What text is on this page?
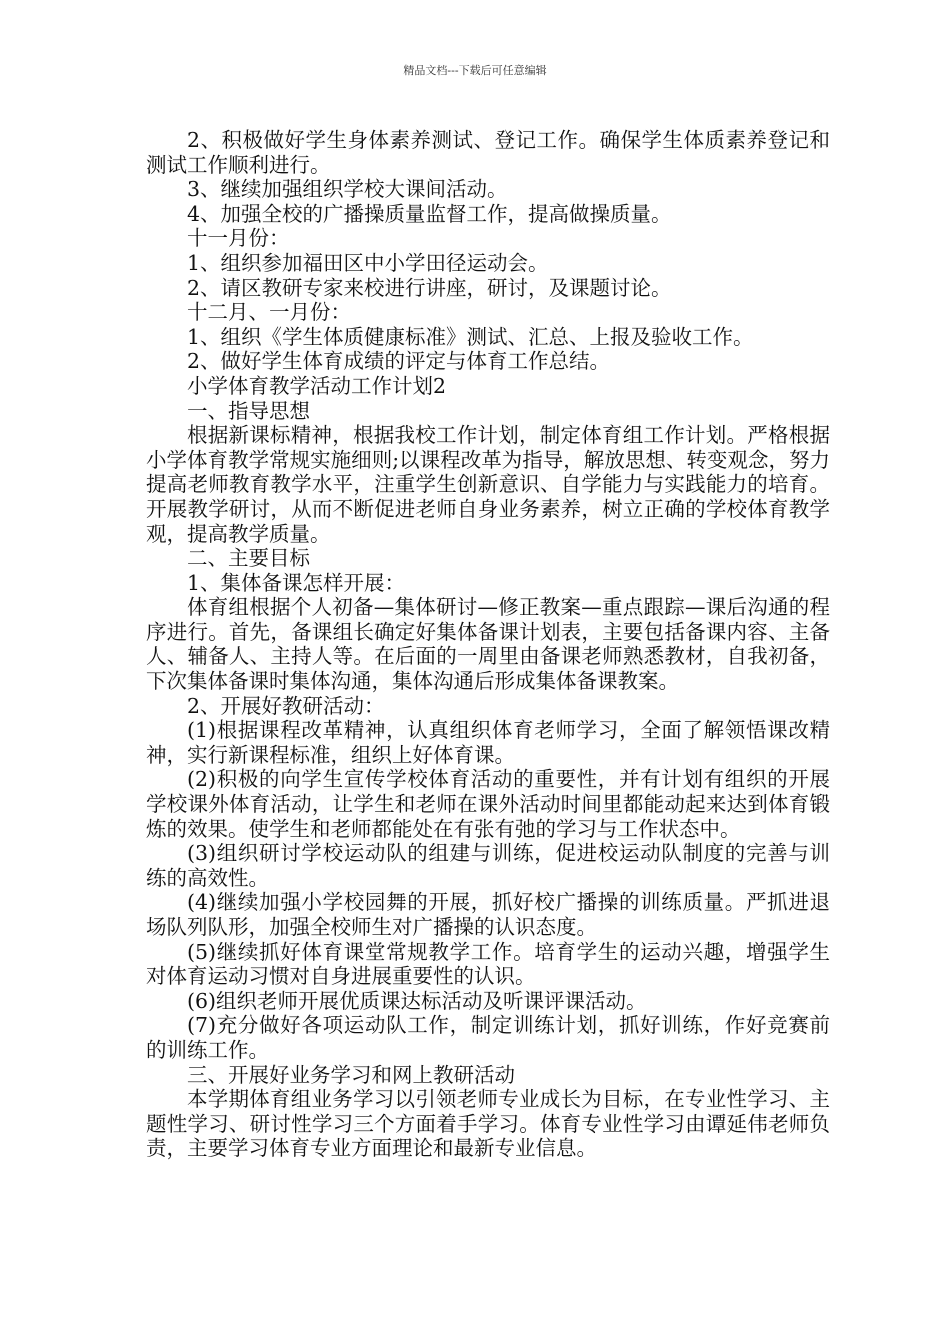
精品文档---下载后可任意编辑

2、积极做好学生身体素养测试、登记工作。确保学生体质素养登记和测试工作顺利进行。

3、继续加强组织学校大课间活动。

4、加强全校的广播操质量监督工作，提高做操质量。

十一月份：

1、组织参加福田区中小学田径运动会。

2、请区教研专家来校进行讲座，研讨，及课题讨论。

十二月、一月份：

1、组织《学生体质健康标准》测试、汇总、上报及验收工作。

2、做好学生体育成绩的评定与体育工作总结。

小学体育教学活动工作计划2

一、指导思想

根据新课标精神，根据我校工作计划，制定体育组工作计划。严格根据小学体育教学常规实施细则;以课程改革为指导，解放思想、转变观念，努力提高老师教育教学水平，注重学生创新意识、自学能力与实践能力的培育。开展教学研讨，从而不断促进老师自身业务素养，树立正确的学校体育教学观，提高教学质量。

二、主要目标

1、集体备课怎样开展：

体育组根据个人初备—集体研讨—修正教案—重点跟踪—课后沟通的程序进行。首先，备课组长确定好集体备课计划表，主要包括备课内容、主备人、辅备人、主持人等。在后面的一周里由备课老师熟悉教材，自我初备，下次集体备课时集体沟通，集体沟通后形成集体备课教案。

2、开展好教研活动：

(1)根据课程改革精神，认真组织体育老师学习，全面了解领悟课改精神，实行新课程标准，组织上好体育课。

(2)积极的向学生宣传学校体育活动的重要性，并有计划有组织的开展学校课外体育活动，让学生和老师在课外活动时间里都能动起来达到体育锻炼的效果。使学生和老师都能处在有张有弛的学习与工作状态中。

(3)组织研讨学校运动队的组建与训练，促进校运动队制度的完善与训练的高效性。

(4)继续加强小学校园舞的开展，抓好校广播操的训练质量。严抓进退场队列队形，加强全校师生对广播操的认识态度。

(5)继续抓好体育课堂常规教学工作。培育学生的运动兴趣，增强学生对体育运动习惯对自身进展重要性的认识。

(6)组织老师开展优质课达标活动及听课评课活动。

(7)充分做好各项运动队工作，制定训练计划，抓好训练，作好竞赛前的训练工作。

三、开展好业务学习和网上教研活动

本学期体育组业务学习以引领老师专业成长为目标，在专业性学习、主题性学习、研讨性学习三个方面着手学习。体育专业性学习由谭延伟老师负责，主要学习体育专业方面理论和最新专业信息。
